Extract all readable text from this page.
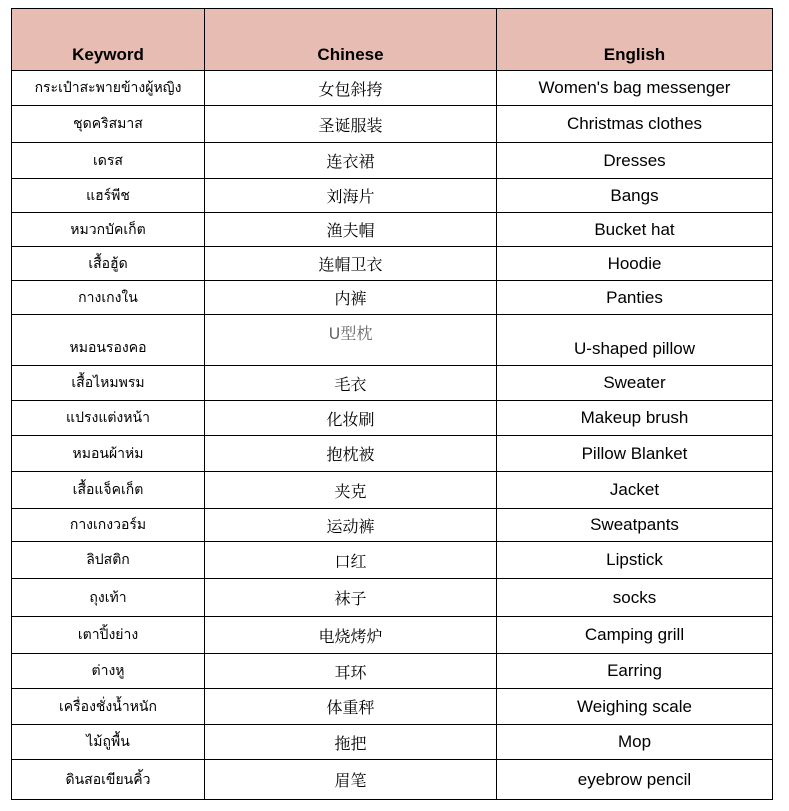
Keyword	Chinese	English
กระเป๋าสะพายข้างผู้หญิง	女包斜挎	Women's bag messenger
ชุดคริสมาส	圣诞服装	Christmas clothes
เดรส	连衣裙	Dresses
แฮร์พีช	刘海片	Bangs
หมวกบัคเก็ต	渔夫帽	Bucket hat
เสื้อฮู้ด	连帽卫衣	Hoodie
กางเกงใน	内裤	Panties
หมอนรองคอ	U型枕	U-shaped pillow
เสื้อไหมพรม	毛衣	Sweater
แปรงแต่งหน้า	化妆刷	Makeup brush
หมอนผ้าห่ม	抱枕被	Pillow Blanket
เสื้อแจ็คเก็ต	夹克	Jacket
กางเกงวอร์ม	运动裤	Sweatpants
ลิปสติก	口红	Lipstick
ถุงเท้า	袜子	socks
เตาปิ้งย่าง	电烧烤炉	Camping grill
ต่างหู	耳环	Earring
เครื่องชั่งน้ำหนัก	体重秤	Weighing scale
ไม้ถูพื้น	拖把	Mop
ดินสอเขียนคิ้ว	眉笔	eyebrow pencil
